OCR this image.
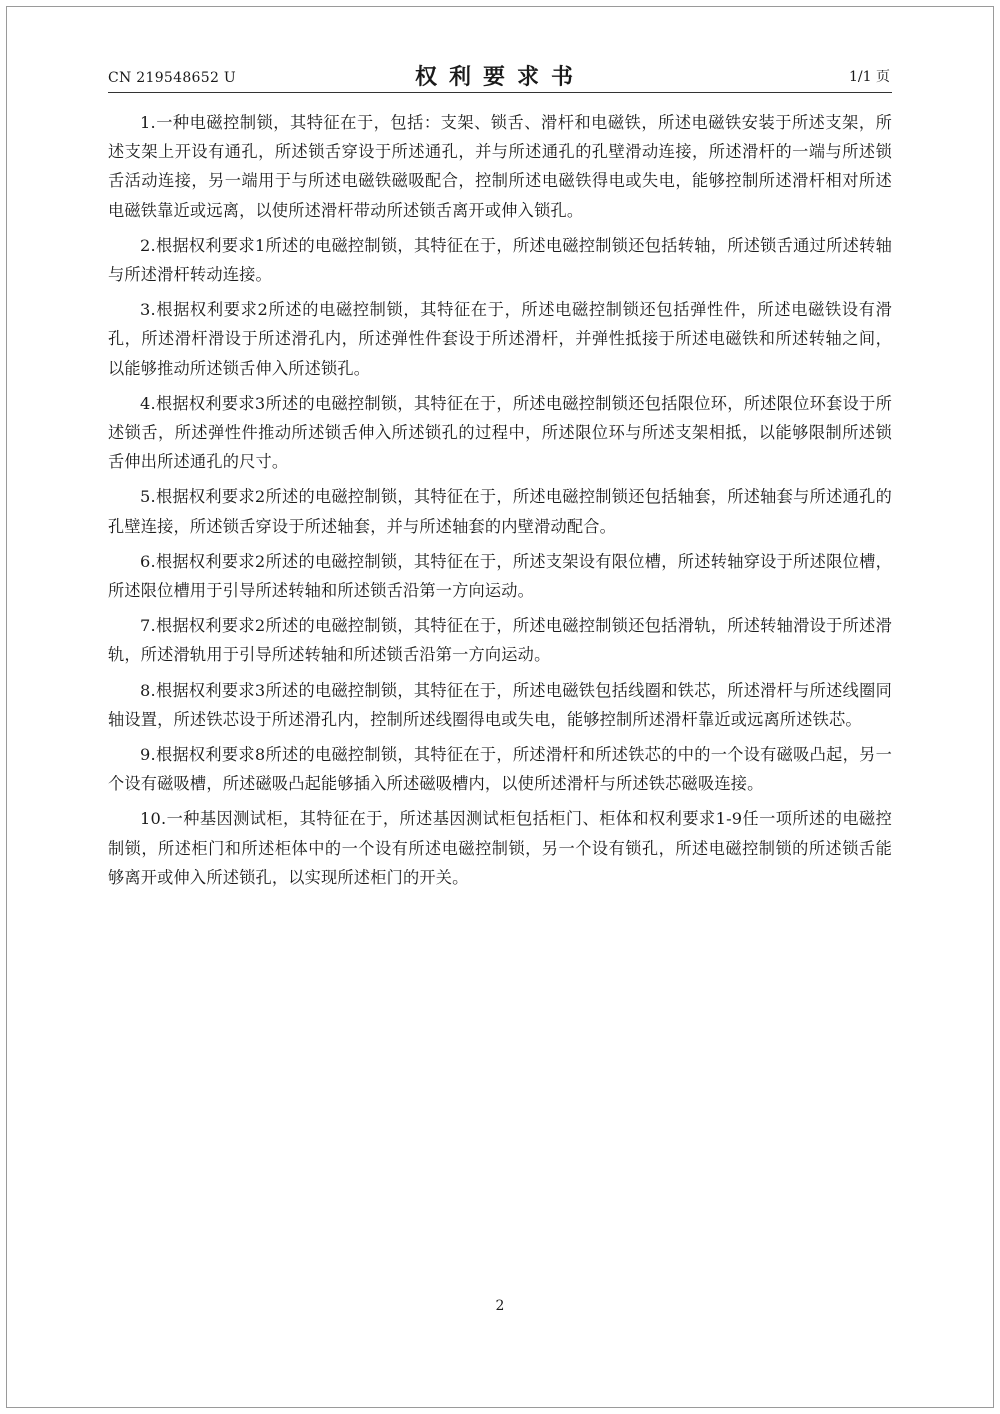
CN 219548652 U	权利要求书	1/1 页

1.一种电磁控制锁，其特征在于，包括：支架、锁舌、滑杆和电磁铁，所述电磁铁安装于所述支架，所述支架上开设有通孔，所述锁舌穿设于所述通孔，并与所述通孔的孔壁滑动连接，所述滑杆的一端与所述锁舌活动连接，另一端用于与所述电磁铁磁吸配合，控制所述电磁铁得电或失电，能够控制所述滑杆相对所述电磁铁靠近或远离，以使所述滑杆带动所述锁舌离开或伸入锁孔。

2.根据权利要求1所述的电磁控制锁，其特征在于，所述电磁控制锁还包括转轴，所述锁舌通过所述转轴与所述滑杆转动连接。

3.根据权利要求2所述的电磁控制锁，其特征在于，所述电磁控制锁还包括弹性件，所述电磁铁设有滑孔，所述滑杆滑设于所述滑孔内，所述弹性件套设于所述滑杆，并弹性抵接于所述电磁铁和所述转轴之间，以能够推动所述锁舌伸入所述锁孔。

4.根据权利要求3所述的电磁控制锁，其特征在于，所述电磁控制锁还包括限位环，所述限位环套设于所述锁舌，所述弹性件推动所述锁舌伸入所述锁孔的过程中，所述限位环与所述支架相抵，以能够限制所述锁舌伸出所述通孔的尺寸。

5.根据权利要求2所述的电磁控制锁，其特征在于，所述电磁控制锁还包括轴套，所述轴套与所述通孔的孔壁连接，所述锁舌穿设于所述轴套，并与所述轴套的内壁滑动配合。

6.根据权利要求2所述的电磁控制锁，其特征在于，所述支架设有限位槽，所述转轴穿设于所述限位槽，所述限位槽用于引导所述转轴和所述锁舌沿第一方向运动。

7.根据权利要求2所述的电磁控制锁，其特征在于，所述电磁控制锁还包括滑轨，所述转轴滑设于所述滑轨，所述滑轨用于引导所述转轴和所述锁舌沿第一方向运动。

8.根据权利要求3所述的电磁控制锁，其特征在于，所述电磁铁包括线圈和铁芯，所述滑杆与所述线圈同轴设置，所述铁芯设于所述滑孔内，控制所述线圈得电或失电，能够控制所述滑杆靠近或远离所述铁芯。

9.根据权利要求8所述的电磁控制锁，其特征在于，所述滑杆和所述铁芯的中的一个设有磁吸凸起，另一个设有磁吸槽，所述磁吸凸起能够插入所述磁吸槽内，以使所述滑杆与所述铁芯磁吸连接。

10.一种基因测试柜，其特征在于，所述基因测试柜包括柜门、柜体和权利要求1-9任一项所述的电磁控制锁，所述柜门和所述柜体中的一个设有所述电磁控制锁，另一个设有锁孔，所述电磁控制锁的所述锁舌能够离开或伸入所述锁孔，以实现所述柜门的开关。

2
